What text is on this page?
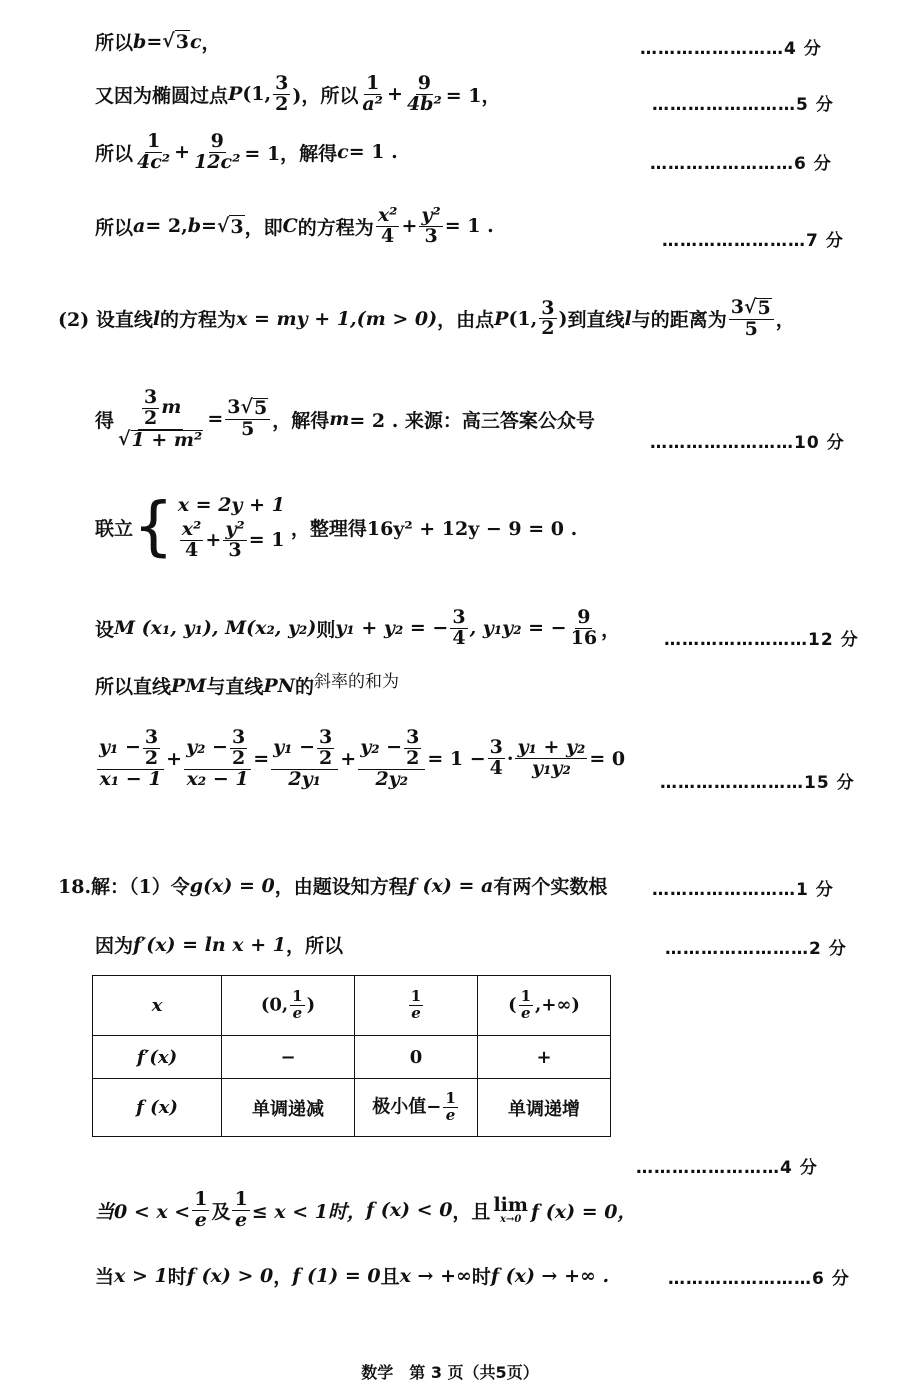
所以 b = √ 3 c ，	……………………4 分
又因为椭圆过点 P (1, $\frac{3}{2}$ )，所以 $\frac{1}{\text{a²}} + \frac{9}{\text{4b²}} = 1$，	……………………5 分
所以 $\frac{1}{\text{4c²}} + \frac{9}{\text{12c²}} = 1$，解得 c = 1 .
……………………6 分
所以 a = 2, b = √ 3 ，即 C 的方程为 $\frac{\text{x²}}{4} + \frac{\text{y²}}{3} = 1$ .
……………………7 分
(2) 设直线 l 的方程为 x = my + 1,(m > 0) ，由点 P (1, $\frac{3}{2}$ ) 到直线 l 与的距离为 $\frac{3√ 5}{5}$ ，
得 $\frac{\frac{3}{2} m}{\text{√ 1 + m²}} = \frac{3√ 5}{5}$ ，解得 m = 2 . 来源：高三答案公众号
……………………10 分
联立 { x = 2y + 1
$\frac{\text{x²}}{4} + \frac{\text{y²}}{3} = 1$
，整理得16y² + 12y − 9 = 0 .
设 M (x₁, y₁), M(x₂, y₂) 则 y₁ + y₂ = − $\frac{3}{4}$ , y₁y₂ = − $\frac{9}{16}$ ，	……………………12 分
所以直线 PM 与直线 PN 的 斜率的和为
$\frac{y_1 - \frac{3}{2}}{\text{x₁ − 1}} + \frac{y_2 - \frac{3}{2}}{\text{x₂ − 1}} = \frac{y_1 - \frac{3}{2}}{\text{2y₁}} + \frac{y_2 - \frac{3}{2}}{\text{2y₂}} = 1 - \frac{3}{4} \cdot \frac{\text{y₁ + y₂}}{\text{y₁y₂}} = 0$
……………………15 分
18.解：（1）令 g(x) = 0 ，由题设知方程 f (x) = a 有两个实数根	……………………1 分
因为 f′(x) = ln x + 1 ，所以	……………………2 分
x	(0, $\frac{1}{e}$ )	$\frac{1}{e}$	( $\frac{1}{e}$ ,+∞)
f′(x)	−	0	+
f (x)	单调递减	极小值− $\frac{1}{e}$	单调递增
……………………4 分
当$0 < x < \frac{1}{e}$ 及 $\frac{1}{e} \le x < 1$时， f (x) < 0 ，且 lim
x→0 f (x) = 0，
当 x > 1 时 f (x) > 0 ， f (1) = 0 且 x → +∞ 时 f (x) → +∞ .	……………………6 分
数学　第 3 页（共5页）
